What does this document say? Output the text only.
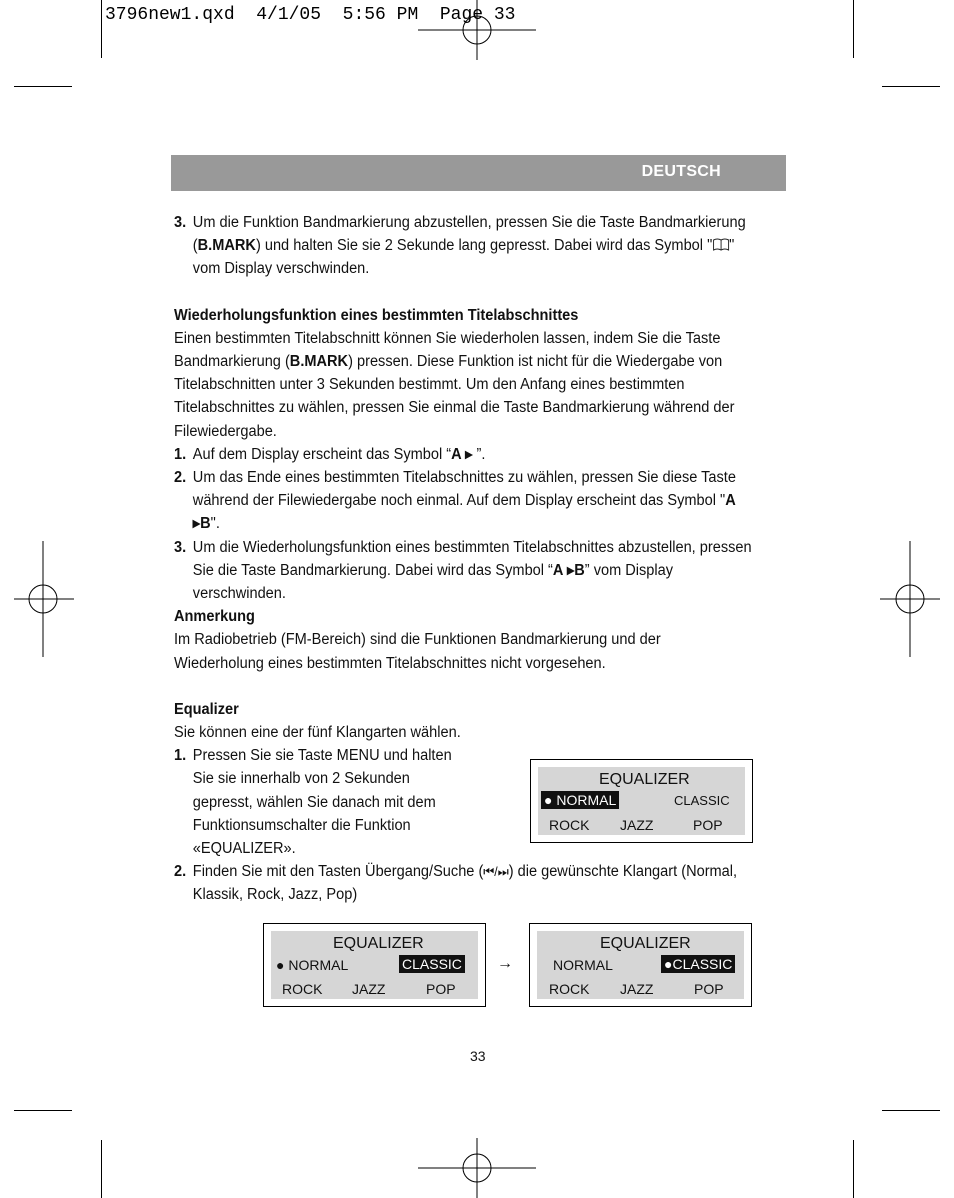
3796new1.qxd  4/1/05  5:56 PM  Page 33
DEUTSCH

3. Um die Funktion Bandmarkierung abzustellen, pressen Sie die Taste Bandmarkierung (B.MARK) und halten Sie sie 2 Sekunde lang gepresst. Dabei wird das Symbol " " vom Display verschwinden.

Wiederholungsfunktion eines bestimmten Titelabschnittes

Einen bestimmten Titelabschnitt können Sie wiederholen lassen, indem Sie die Taste Bandmarkierung (B.MARK) pressen. Diese Funktion ist nicht für die Wiedergabe von Titelabschnitten unter 3 Sekunden bestimmt. Um den Anfang eines bestimmten Titelabschnittes zu wählen, pressen Sie einmal die Taste Bandmarkierung während der Filewiedergabe.

1. Auf dem Display erscheint das Symbol “A ▸ ”.

2. Um das Ende eines bestimmten Titelabschnittes zu wählen, pressen Sie diese Taste während der Filewiedergabe noch einmal. Auf dem Display erscheint das Symbol "A ▸B".

3. Um die Wiederholungsfunktion eines bestimmten Titelabschnittes abzustellen, pressen Sie die Taste Bandmarkierung. Dabei wird das Symbol “A ▸B” vom Display verschwinden.

Anmerkung

Im Radiobetrieb (FM-Bereich) sind die Funktionen Bandmarkierung und der Wiederholung eines bestimmten Titelabschnittes nicht vorgesehen.

Equalizer

Sie können eine der fünf Klangarten wählen.

1. Pressen Sie sie Taste MENU und halten

Sie sie innerhalb von 2 Sekunden

gepresst, wählen Sie danach mit dem

Funktionsumschalter die Funktion

«EQUALIZER».

2. Finden Sie mit den Tasten Übergang/Suche (⏮/⏭) die gewünschte Klangart (Normal, Klassik, Rock, Jazz, Pop)

EQUALIZER
● NORMAL	CLASSIC
ROCK JAZZ	POP
EQUALIZER
● NORMAL	CLASSIC
ROCK JAZZ	POP
→
EQUALIZER
NORMAL	●CLASSIC
ROCK JAZZ	POP
33
